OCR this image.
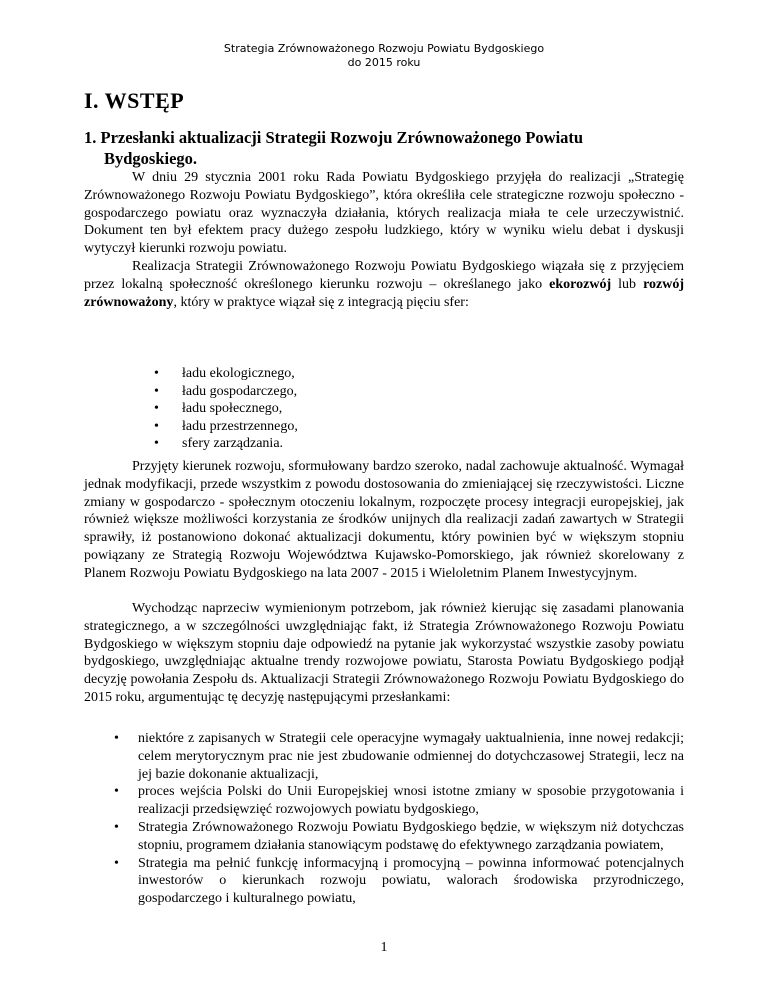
Strategia Zrównoważonego Rozwoju Powiatu Bydgoskiego
do 2015 roku
I. WSTĘP
1. Przesłanki aktualizacji Strategii Rozwoju Zrównoważonego Powiatu
Bydgoskiego.

W dniu 29 stycznia 2001 roku Rada Powiatu Bydgoskiego przyjęła do realizacji „Strategię Zrównoważonego Rozwoju Powiatu Bydgoskiego”, która określiła cele strategiczne rozwoju społeczno - gospodarczego powiatu oraz wyznaczyła działania, których realizacja miała te cele urzeczywistnić. Dokument ten był efektem pracy dużego zespołu ludzkiego, który w wyniku wielu debat i dyskusji wytyczył kierunki rozwoju powiatu.

Realizacja Strategii Zrównoważonego Rozwoju Powiatu Bydgoskiego wiązała się z przyjęciem przez lokalną społeczność określonego kierunku rozwoju – określanego jako ekorozwój lub rozwój zrównoważony, który w praktyce wiązał się z integracją pięciu sfer:

• ładu ekologicznego,
• ładu gospodarczego,
• ładu społecznego,
• ładu przestrzennego,
• sfery zarządzania.

Przyjęty kierunek rozwoju, sformułowany bardzo szeroko, nadal zachowuje aktualność. Wymagał jednak modyfikacji, przede wszystkim z powodu dostosowania do zmieniającej się rzeczywistości. Liczne zmiany w gospodarczo - społecznym otoczeniu lokalnym, rozpoczęte procesy integracji europejskiej, jak również większe możliwości korzystania ze środków unijnych dla realizacji zadań zawartych w Strategii sprawiły, iż postanowiono dokonać aktualizacji dokumentu, który powinien być w większym stopniu powiązany ze Strategią Rozwoju Województwa Kujawsko-Pomorskiego, jak również skorelowany z Planem Rozwoju Powiatu Bydgoskiego na lata 2007 - 2015 i Wieloletnim Planem Inwestycyjnym.

Wychodząc naprzeciw wymienionym potrzebom, jak również kierując się zasadami planowania strategicznego, a w szczególności uwzględniając fakt, iż Strategia Zrównoważonego Rozwoju Powiatu Bydgoskiego w większym stopniu daje odpowiedź na pytanie jak wykorzystać wszystkie zasoby powiatu bydgoskiego, uwzględniając aktualne trendy rozwojowe powiatu, Starosta Powiatu Bydgoskiego podjął decyzję powołania Zespołu ds. Aktualizacji Strategii Zrównoważonego Rozwoju Powiatu Bydgoskiego do 2015 roku, argumentując tę decyzję następującymi przesłankami:

• niektóre z zapisanych w Strategii cele operacyjne wymagały uaktualnienia, inne nowej redakcji; celem merytorycznym prac nie jest zbudowanie odmiennej do dotychczasowej Strategii, lecz na jej bazie dokonanie aktualizacji,
• proces wejścia Polski do Unii Europejskiej wnosi istotne zmiany w sposobie przygotowania i realizacji przedsięwzięć rozwojowych powiatu bydgoskiego,
• Strategia Zrównoważonego Rozwoju Powiatu Bydgoskiego będzie, w większym niż dotychczas stopniu, programem działania stanowiącym podstawę do efektywnego zarządzania powiatem,
• Strategia ma pełnić funkcję informacyjną i promocyjną – powinna informować potencjalnych inwestorów o kierunkach rozwoju powiatu, walorach środowiska przyrodniczego, gospodarczego i kulturalnego powiatu,
1
